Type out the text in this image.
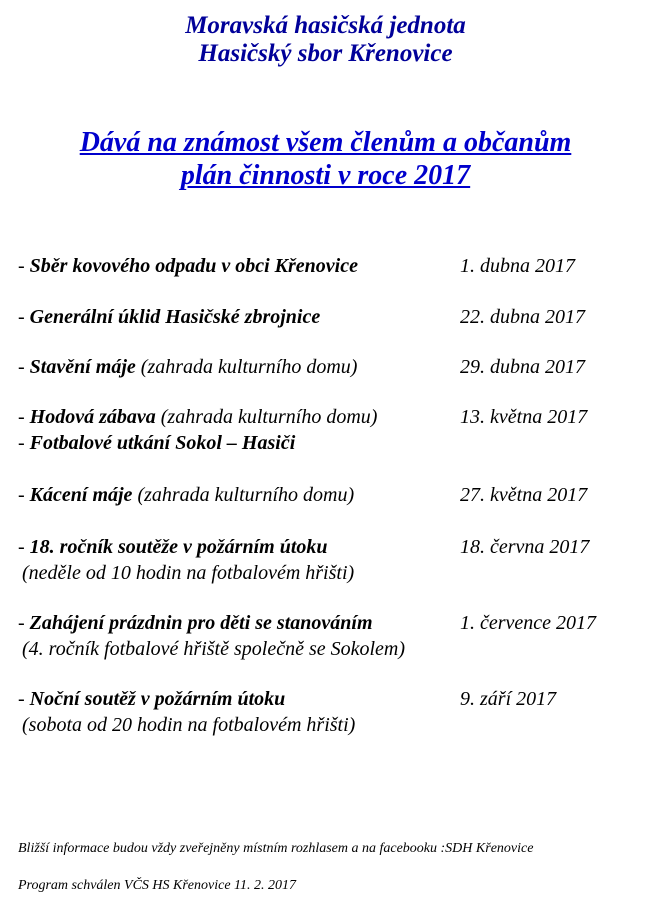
Moravská hasičská jednota
Hasičský sbor Křenovice
Dává na známost všem členům a občanům
plán činnosti v roce 2017
- Sběr kovového odpadu v obci Křenovice	1. dubna 2017
- Generální úklid Hasičské zbrojnice	22. dubna 2017
- Stavění máje (zahrada kulturního domu)	29. dubna 2017
- Hodová zábava (zahrada kulturního domu)	13. května 2017
- Fotbalové utkání Sokol – Hasiči
- Kácení máje (zahrada kulturního domu)	27. května 2017
- 18. ročník soutěže v požárním útoku	18. června 2017
(neděle od 10 hodin na fotbalovém hřišti)
- Zahájení prázdnin pro děti se stanováním	1. července 2017
(4. ročník fotbalové hřiště společně se Sokolem)
- Noční soutěž v požárním útoku	9. září 2017
(sobota od 20 hodin na fotbalovém hřišti)
Bližší informace budou vždy zveřejněny místním rozhlasem a na facebooku :SDH Křenovice
Program schválen VČS HS Křenovice 11. 2. 2017
